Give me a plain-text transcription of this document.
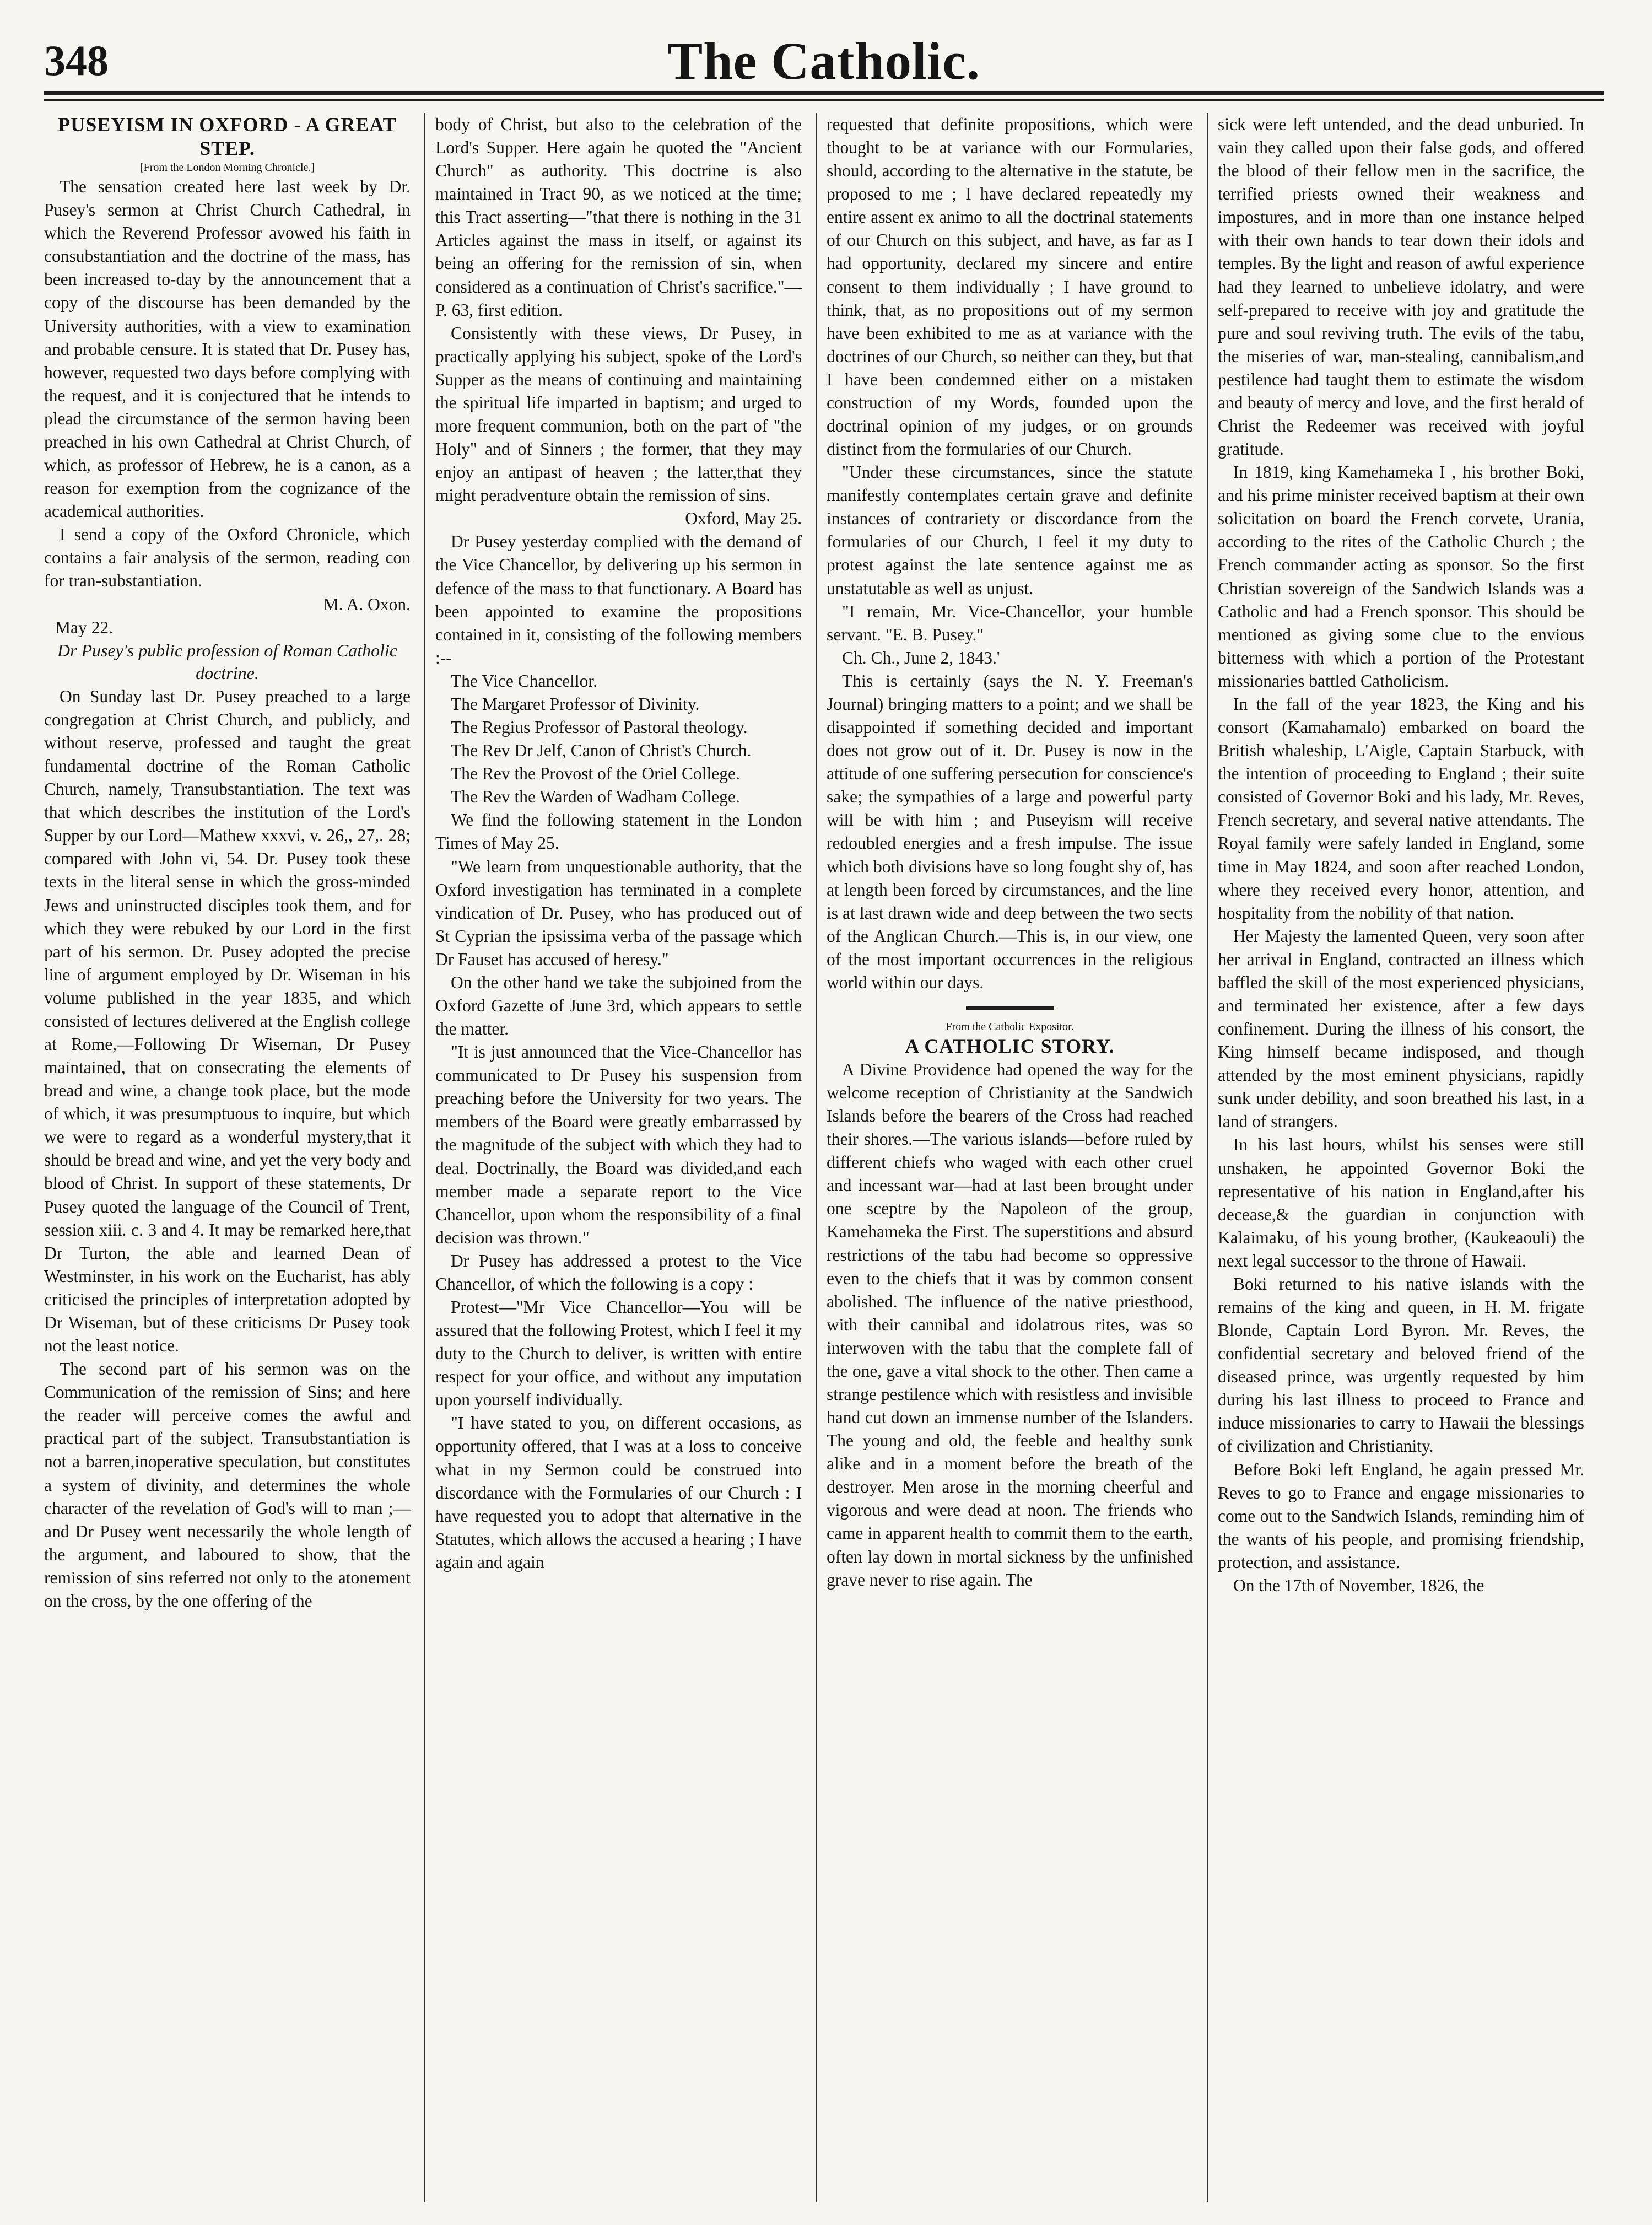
348	The Catholic.

PUSEYISM IN OXFORD - A GREAT STEP.

[From the London Morning Chronicle.]

The sensation created here last week by Dr. Pusey's sermon at Christ Church Cathedral, in which the Reverend Professor avowed his faith in consubstantiation and the doctrine of the mass, has been increased to-day by the announcement that a copy of the discourse has been demanded by the University authorities, with a view to examination and probable censure. It is stated that Dr. Pusey has, however, requested two days before complying with the request, and it is conjectured that he intends to plead the circumstance of the sermon having been preached in his own Cathedral at Christ Church, of which, as professor of Hebrew, he is a canon, as a reason for exemption from the cognizance of the academical authorities.

I send a copy of the Oxford Chronicle, which contains a fair analysis of the sermon, reading con for tran-substantiation.

M. A. Oxon.

May 22.

Dr Pusey's public profession of Roman Catholic doctrine.

On Sunday last Dr. Pusey preached to a large congregation at Christ Church, and publicly, and without reserve, professed and taught the great fundamental doctrine of the Roman Catholic Church, namely, Transubstantiation. The text was that which describes the institution of the Lord's Supper by our Lord—Mathew xxxvi, v. 26,, 27,. 28; compared with John vi, 54. Dr. Pusey took these texts in the literal sense in which the gross-minded Jews and uninstructed disciples took them, and for which they were rebuked by our Lord in the first part of his sermon. Dr. Pusey adopted the precise line of argument employed by Dr. Wiseman in his volume published in the year 1835, and which consisted of lectures delivered at the English college at Rome,—Following Dr Wiseman, Dr Pusey maintained, that on consecrating the elements of bread and wine, a change took place, but the mode of which, it was presumptuous to inquire, but which we were to regard as a wonderful mystery,that it should be bread and wine, and yet the very body and blood of Christ. In support of these statements, Dr Pusey quoted the language of the Council of Trent, session xiii. c. 3 and 4. It may be remarked here,that Dr Turton, the able and learned Dean of Westminster, in his work on the Eucharist, has ably criticised the principles of interpretation adopted by Dr Wiseman, but of these criticisms Dr Pusey took not the least notice.

The second part of his sermon was on the Communication of the remission of Sins; and here the reader will perceive comes the awful and practical part of the subject. Transubstantiation is not a barren,inoperative speculation, but constitutes a system of divinity, and determines the whole character of the revelation of God's will to man ;—and Dr Pusey went necessarily the whole length of the argument, and laboured to show, that the remission of sins referred not only to the atonement on the cross, by the one offering of the

body of Christ, but also to the celebration of the Lord's Supper. Here again he quoted the "Ancient Church" as authority. This doctrine is also maintained in Tract 90, as we noticed at the time; this Tract asserting—"that there is nothing in the 31 Articles against the mass in itself, or against its being an offering for the remission of sin, when considered as a continuation of Christ's sacrifice."—P. 63, first edition.

Consistently with these views, Dr Pusey, in practically applying his subject, spoke of the Lord's Supper as the means of continuing and maintaining the spiritual life imparted in baptism; and urged to more frequent communion, both on the part of "the Holy" and of Sinners ; the former, that they may enjoy an antipast of heaven ; the latter,that they might peradventure obtain the remission of sins.

Oxford, May 25.

Dr Pusey yesterday complied with the demand of the Vice Chancellor, by delivering up his sermon in defence of the mass to that functionary. A Board has been appointed to examine the propositions contained in it, consisting of the following members :--

The Vice Chancellor.

The Margaret Professor of Divinity.

The Regius Professor of Pastoral theology.

The Rev Dr Jelf, Canon of Christ's Church.

The Rev the Provost of the Oriel College.

The Rev the Warden of Wadham College.

We find the following statement in the London Times of May 25.

"We learn from unquestionable authority, that the Oxford investigation has terminated in a complete vindication of Dr. Pusey, who has produced out of St Cyprian the ipsissima verba of the passage which Dr Fauset has accused of heresy."

On the other hand we take the subjoined from the Oxford Gazette of June 3rd, which appears to settle the matter.

"It is just announced that the Vice-Chancellor has communicated to Dr Pusey his suspension from preaching before the University for two years. The members of the Board were greatly embarrassed by the magnitude of the subject with which they had to deal. Doctrinally, the Board was divided,and each member made a separate report to the Vice Chancellor, upon whom the responsibility of a final decision was thrown."

Dr Pusey has addressed a protest to the Vice Chancellor, of which the following is a copy :

Protest—"Mr Vice Chancellor—You will be assured that the following Protest, which I feel it my duty to the Church to deliver, is written with entire respect for your office, and without any imputation upon yourself individually.

"I have stated to you, on different occasions, as opportunity offered, that I was at a loss to conceive what in my Sermon could be construed into discordance with the Formularies of our Church : I have requested you to adopt that alternative in the Statutes, which allows the accused a hearing ; I have again and again

requested that definite propositions, which were thought to be at variance with our Formularies, should, according to the alternative in the statute, be proposed to me ; I have declared repeatedly my entire assent ex animo to all the doctrinal statements of our Church on this subject, and have, as far as I had opportunity, declared my sincere and entire consent to them individually ; I have ground to think, that, as no propositions out of my sermon have been exhibited to me as at variance with the doctrines of our Church, so neither can they, but that I have been condemned either on a mistaken construction of my Words, founded upon the doctrinal opinion of my judges, or on grounds distinct from the formularies of our Church.

"Under these circumstances, since the statute manifestly contemplates certain grave and definite instances of contrariety or discordance from the formularies of our Church, I feel it my duty to protest against the late sentence against me as unstatutable as well as unjust.

"I remain, Mr. Vice-Chancellor, your humble servant. "E. B. Pusey."

Ch. Ch., June 2, 1843.'

This is certainly (says the N. Y. Freeman's Journal) bringing matters to a point; and we shall be disappointed if something decided and important does not grow out of it. Dr. Pusey is now in the attitude of one suffering persecution for conscience's sake; the sympathies of a large and powerful party will be with him ; and Puseyism will receive redoubled energies and a fresh impulse. The issue which both divisions have so long fought shy of, has at length been forced by circumstances, and the line is at last drawn wide and deep between the two sects of the Anglican Church.—This is, in our view, one of the most important occurrences in the religious world within our days.

From the Catholic Expositor.

A CATHOLIC STORY.

A Divine Providence had opened the way for the welcome reception of Christianity at the Sandwich Islands before the bearers of the Cross had reached their shores.—The various islands—before ruled by different chiefs who waged with each other cruel and incessant war—had at last been brought under one sceptre by the Napoleon of the group, Kamehameka the First. The superstitions and absurd restrictions of the tabu had become so oppressive even to the chiefs that it was by common consent abolished. The influence of the native priesthood, with their cannibal and idolatrous rites, was so interwoven with the tabu that the complete fall of the one, gave a vital shock to the other. Then came a strange pestilence which with resistless and invisible hand cut down an immense number of the Islanders. The young and old, the feeble and healthy sunk alike and in a moment before the breath of the destroyer. Men arose in the morning cheerful and vigorous and were dead at noon. The friends who came in apparent health to commit them to the earth, often lay down in mortal sickness by the unfinished grave never to rise again. The

sick were left untended, and the dead unburied. In vain they called upon their false gods, and offered the blood of their fellow men in the sacrifice, the terrified priests owned their weakness and impostures, and in more than one instance helped with their own hands to tear down their idols and temples. By the light and reason of awful experience had they learned to unbelieve idolatry, and were self-prepared to receive with joy and gratitude the pure and soul reviving truth. The evils of the tabu, the miseries of war, man-stealing, cannibalism,and pestilence had taught them to estimate the wisdom and beauty of mercy and love, and the first herald of Christ the Redeemer was received with joyful gratitude.

In 1819, king Kamehameka I , his brother Boki, and his prime minister received baptism at their own solicitation on board the French corvete, Urania, according to the rites of the Catholic Church ; the French commander acting as sponsor. So the first Christian sovereign of the Sandwich Islands was a Catholic and had a French sponsor. This should be mentioned as giving some clue to the envious bitterness with which a portion of the Protestant missionaries battled Catholicism.

In the fall of the year 1823, the King and his consort (Kamahamalo) embarked on board the British whaleship, L'Aigle, Captain Starbuck, with the intention of proceeding to England ; their suite consisted of Governor Boki and his lady, Mr. Reves, French secretary, and several native attendants. The Royal family were safely landed in England, some time in May 1824, and soon after reached London, where they received every honor, attention, and hospitality from the nobility of that nation.

Her Majesty the lamented Queen, very soon after her arrival in England, contracted an illness which baffled the skill of the most experienced physicians, and terminated her existence, after a few days confinement. During the illness of his consort, the King himself became indisposed, and though attended by the most eminent physicians, rapidly sunk under debility, and soon breathed his last, in a land of strangers.

In his last hours, whilst his senses were still unshaken, he appointed Governor Boki the representative of his nation in England,after his decease,& the guardian in conjunction with Kalaimaku, of his young brother, (Kaukeaouli) the next legal successor to the throne of Hawaii.

Boki returned to his native islands with the remains of the king and queen, in H. M. frigate Blonde, Captain Lord Byron. Mr. Reves, the confidential secretary and beloved friend of the diseased prince, was urgently requested by him during his last illness to proceed to France and induce missionaries to carry to Hawaii the blessings of civilization and Christianity.

Before Boki left England, he again pressed Mr. Reves to go to France and engage missionaries to come out to the Sandwich Islands, reminding him of the wants of his people, and promising friendship, protection, and assistance.

On the 17th of November, 1826, the
